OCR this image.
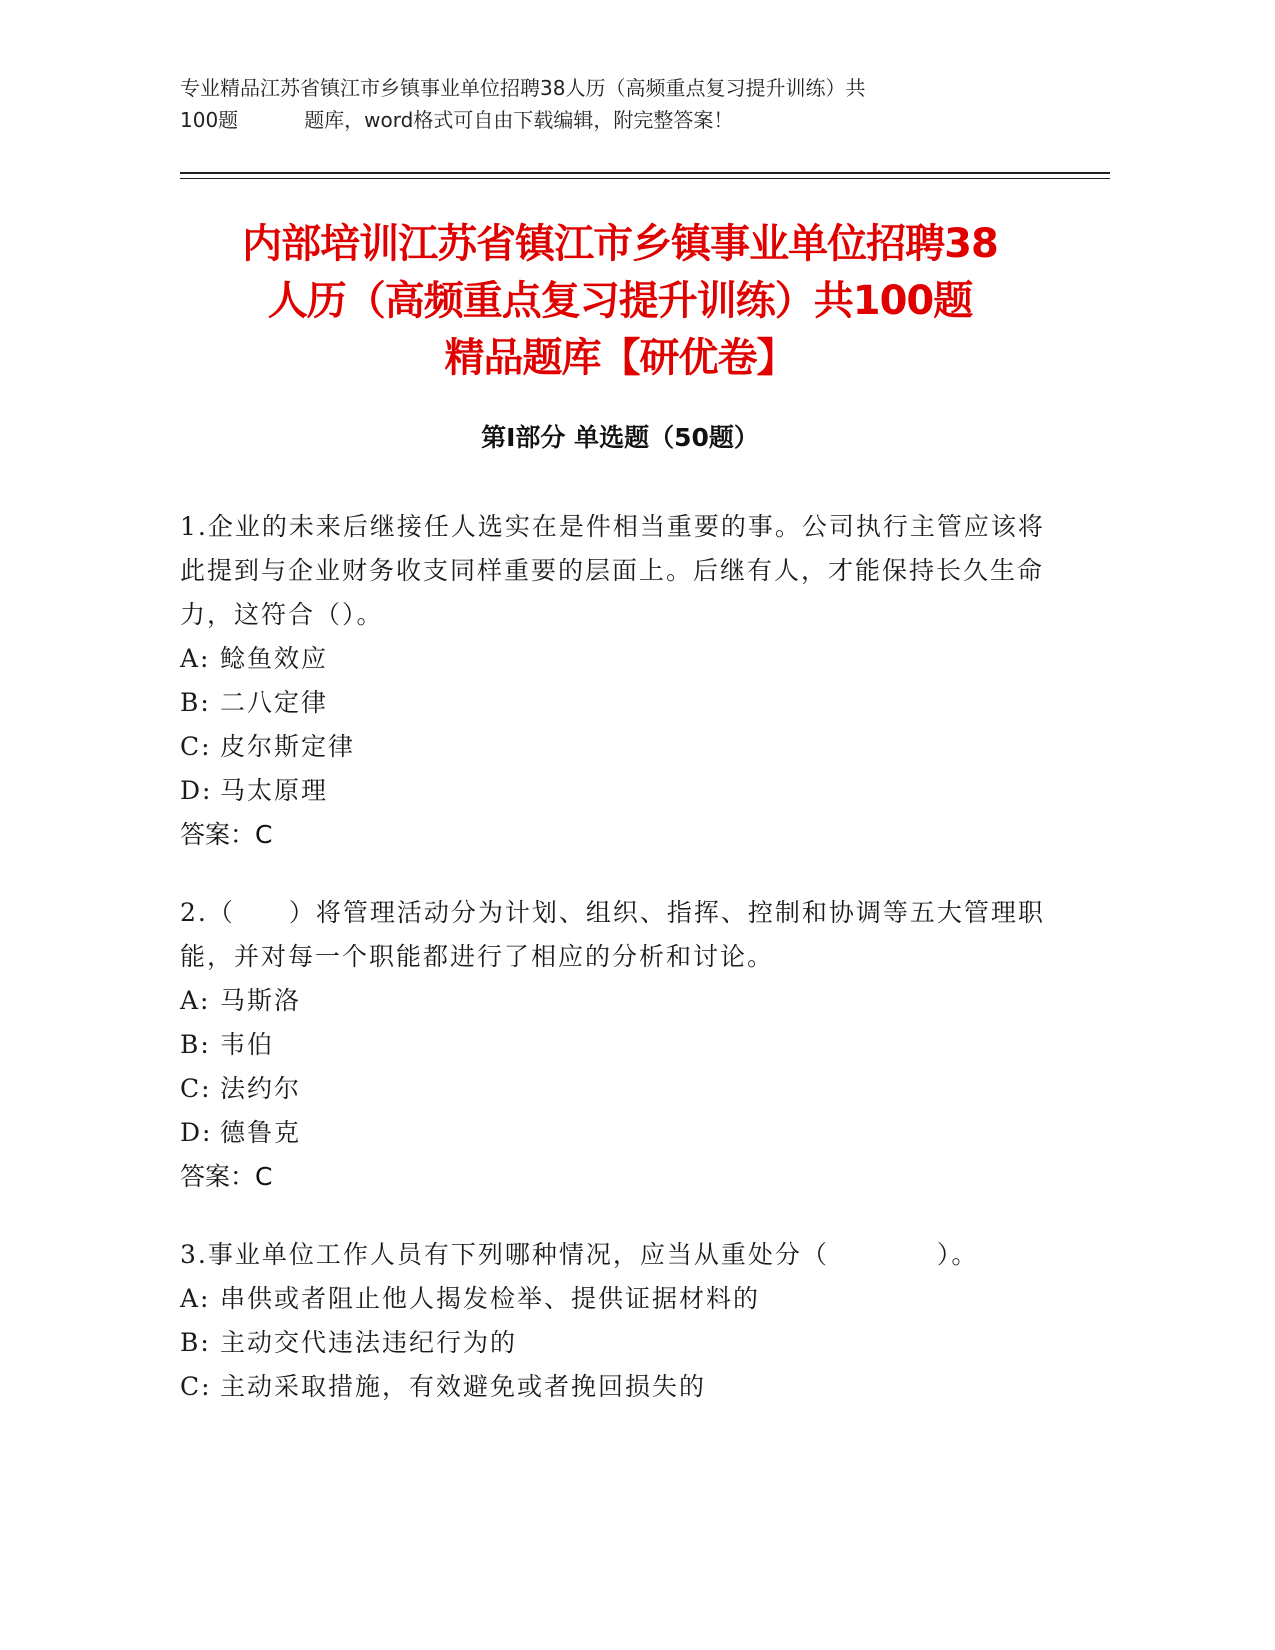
专业精品江苏省镇江市乡镇事业单位招聘38人历（高频重点复习提升训练）共
100题	题库，word格式可自由下载编辑，附完整答案！
内部培训江苏省镇江市乡镇事业单位招聘38
人历（高频重点复习提升训练）共100题
精品题库【研优卷】
第Ⅰ部分 单选题（50题）
1.企业的未来后继接任人选实在是件相当重要的事。公司执行主管应该将此提到与企业财务收支同样重要的层面上。后继有人，才能保持长久生命力，这符合（）。
A: 鲶鱼效应
B: 二八定律
C: 皮尔斯定律
D: 马太原理
答案：C
2.（　　）将管理活动分为计划、组织、指挥、控制和协调等五大管理职能，并对每一个职能都进行了相应的分析和讨论。
A: 马斯洛
B: 韦伯
C: 法约尔
D: 德鲁克
答案：C
3.事业单位工作人员有下列哪种情况，应当从重处分（　　　　）。
A: 串供或者阻止他人揭发检举、提供证据材料的
B: 主动交代违法违纪行为的
C: 主动采取措施，有效避免或者挽回损失的
